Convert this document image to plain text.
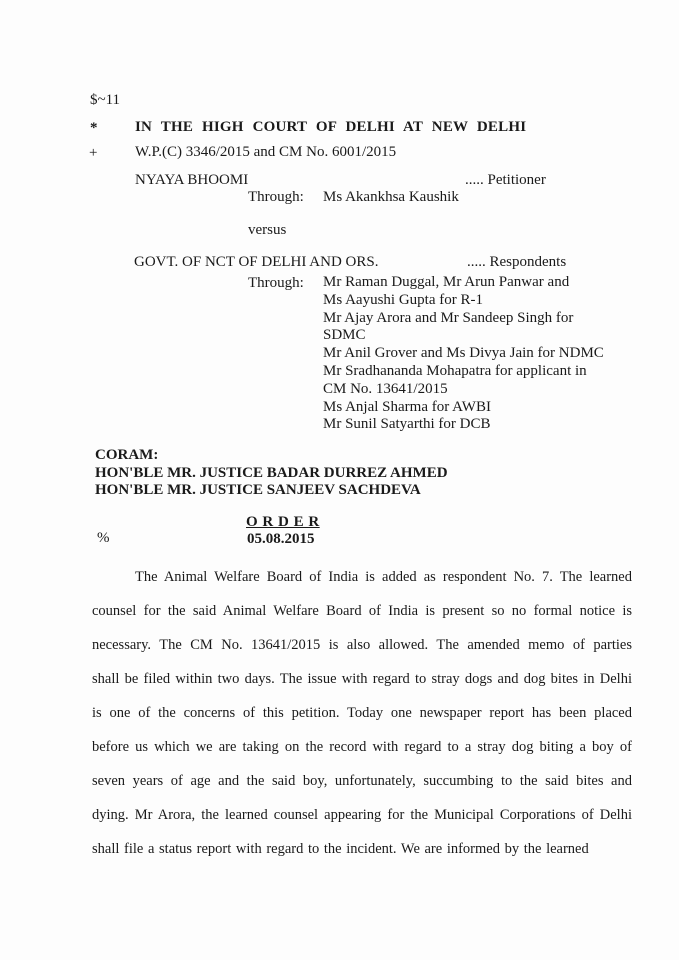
$~11
*	IN THE HIGH COURT OF DELHI AT NEW DELHI
+	W.P.(C) 3346/2015 and CM No. 6001/2015
NYAYA BHOOMI	..... Petitioner
Through: Ms Akankhsa Kaushik
versus
GOVT. OF NCT OF DELHI AND ORS.	..... Respondents
Through: Mr Raman Duggal, Mr Arun Panwar and
Ms Aayushi Gupta for R-1
Mr Ajay Arora and Mr Sandeep Singh for
SDMC
Mr Anil Grover and Ms Divya Jain for NDMC
Mr Sradhananda Mohapatra for applicant in
CM No. 13641/2015
Ms Anjal Sharma for AWBI
Mr Sunil Satyarthi for DCB
CORAM:
HON'BLE MR. JUSTICE BADAR DURREZ AHMED
HON'BLE MR. JUSTICE SANJEEV SACHDEVA
O R D E R
%	05.08.2015
The Animal Welfare Board of India is added as respondent No. 7. The learned
counsel for the said Animal Welfare Board of India is present so no formal notice is
necessary. The CM No. 13641/2015 is also allowed. The amended memo of parties
shall be filed within two days. The issue with regard to stray dogs and dog bites in Delhi
is one of the concerns of this petition. Today one newspaper report has been placed
before us which we are taking on the record with regard to a stray dog biting a boy of
seven years of age and the said boy, unfortunately, succumbing to the said bites and
dying. Mr Arora, the learned counsel appearing for the Municipal Corporations of Delhi
shall file a status report with regard to the incident. We are informed by the learned
